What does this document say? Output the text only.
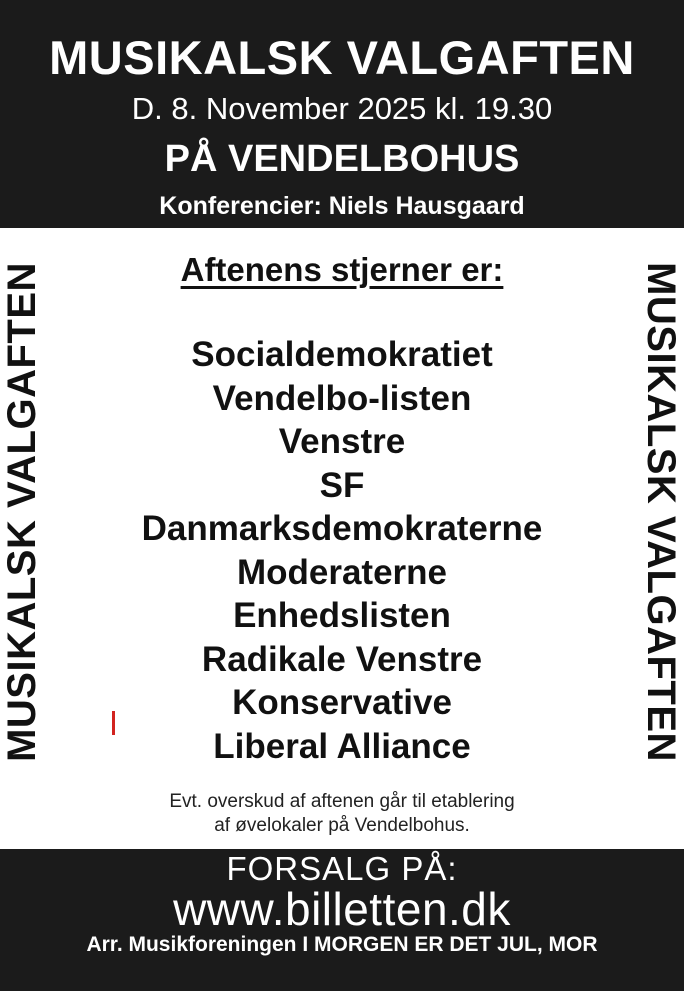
MUSIKALSK VALGAFTEN
D. 8. November 2025 kl. 19.30
PÅ VENDELBOHUS
Konferencier: Niels Hausgaard
MUSIKALSK VALGAFTEN	MUSIKALSK VALGAFTEN
Aftenens stjerner er:
Socialdemokratiet
Vendelbo-listen
Venstre
SF
Danmarksdemokraterne
Moderaterne
Enhedslisten
Radikale Venstre
Konservative
Liberal Alliance
Evt. overskud af aftenen går til etablering
af øvelokaler på Vendelbohus.
FORSALG PÅ:
www.billetten.dk
Arr. Musikforeningen I MORGEN ER DET JUL, MOR
